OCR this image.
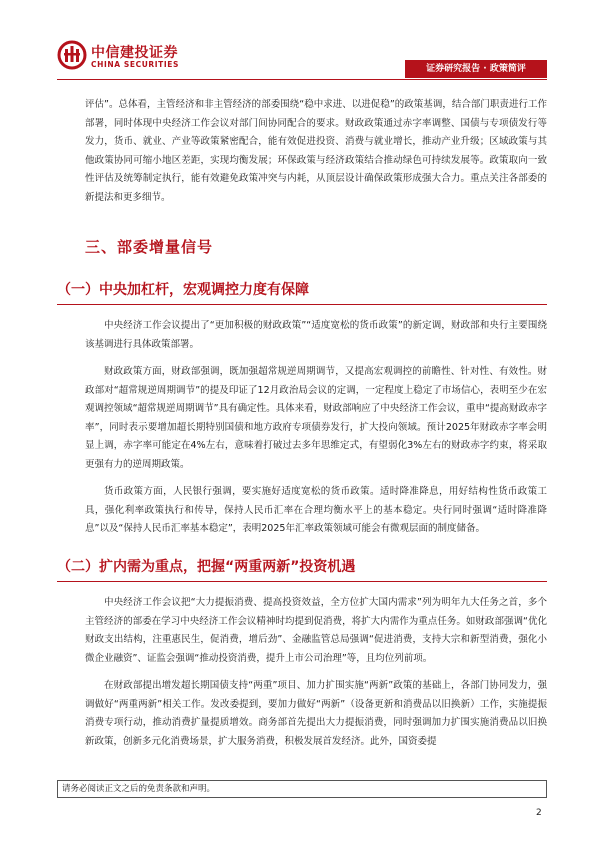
中信建投证券
CHINA SECURITIES	证券研究报告 · 政策简评

评估”。总体看，主管经济和非主管经济的部委围绕“稳中求进、以进促稳”的政策基调，结合部门职责进行工作部署，同时体现中央经济工作会议对部门间协同配合的要求。财政政策通过赤字率调整、国债与专项债发行等发力，货币、就业、产业等政策紧密配合，能有效促进投资、消费与就业增长，推动产业升级；区域政策与其他政策协同可缩小地区差距，实现均衡发展；环保政策与经济政策结合推动绿色可持续发展等。政策取向一致性评估及统筹制定执行，能有效避免政策冲突与内耗，从顶层设计确保政策形成强大合力。重点关注各部委的新提法和更多细节。

三、部委增量信号
（一）中央加杠杆，宏观调控力度有保障

中央经济工作会议提出了“更加积极的财政政策”“适度宽松的货币政策”的新定调，财政部和央行主要围绕该基调进行具体政策部署。

财政政策方面，财政部强调，既加强超常规逆周期调节，又提高宏观调控的前瞻性、针对性、有效性。财政部对“超常规逆周期调节”的提及印证了12月政治局会议的定调，一定程度上稳定了市场信心，表明至少在宏观调控领域“超常规逆周期调节”具有确定性。具体来看，财政部响应了中央经济工作会议，重申“提高财政赤字率”，同时表示要增加超长期特别国债和地方政府专项债券发行，扩大投向领域。预计2025年财政赤字率会明显上调，赤字率可能定在4%左右，意味着打破过去多年思维定式，有望弱化3%左右的财政赤字约束，将采取更强有力的逆周期政策。

货币政策方面，人民银行强调，要实施好适度宽松的货币政策。适时降准降息，用好结构性货币政策工具，强化利率政策执行和传导，保持人民币汇率在合理均衡水平上的基本稳定。央行同时强调“适时降准降息”以及“保持人民币汇率基本稳定”，表明2025年汇率政策领域可能会有微观层面的制度储备。

（二）扩内需为重点，把握“两重两新”投资机遇

中央经济工作会议把“大力提振消费、提高投资效益，全方位扩大国内需求”列为明年九大任务之首，多个主管经济的部委在学习中央经济工作会议精神时均提到促消费，将扩大内需作为重点任务。如财政部强调“优化财政支出结构，注重惠民生，促消费，增后劲”、金融监管总局强调“促进消费，支持大宗和新型消费，强化小微企业融资”、证监会强调“推动投资消费，提升上市公司治理”等，且均位列前项。

在财政部提出增发超长期国债支持“两重”项目、加力扩围实施“两新”政策的基础上，各部门协同发力，强调做好“两重两新”相关工作。发改委提到，要加力做好“两新”（设备更新和消费品以旧换新）工作，实施提振消费专项行动，推动消费扩量提质增效。商务部首先提出大力提振消费，同时强调加力扩围实施消费品以旧换新政策，创新多元化消费场景，扩大服务消费，积极发展首发经济。此外，国资委提

请务必阅读正文之后的免责条款和声明。
2
